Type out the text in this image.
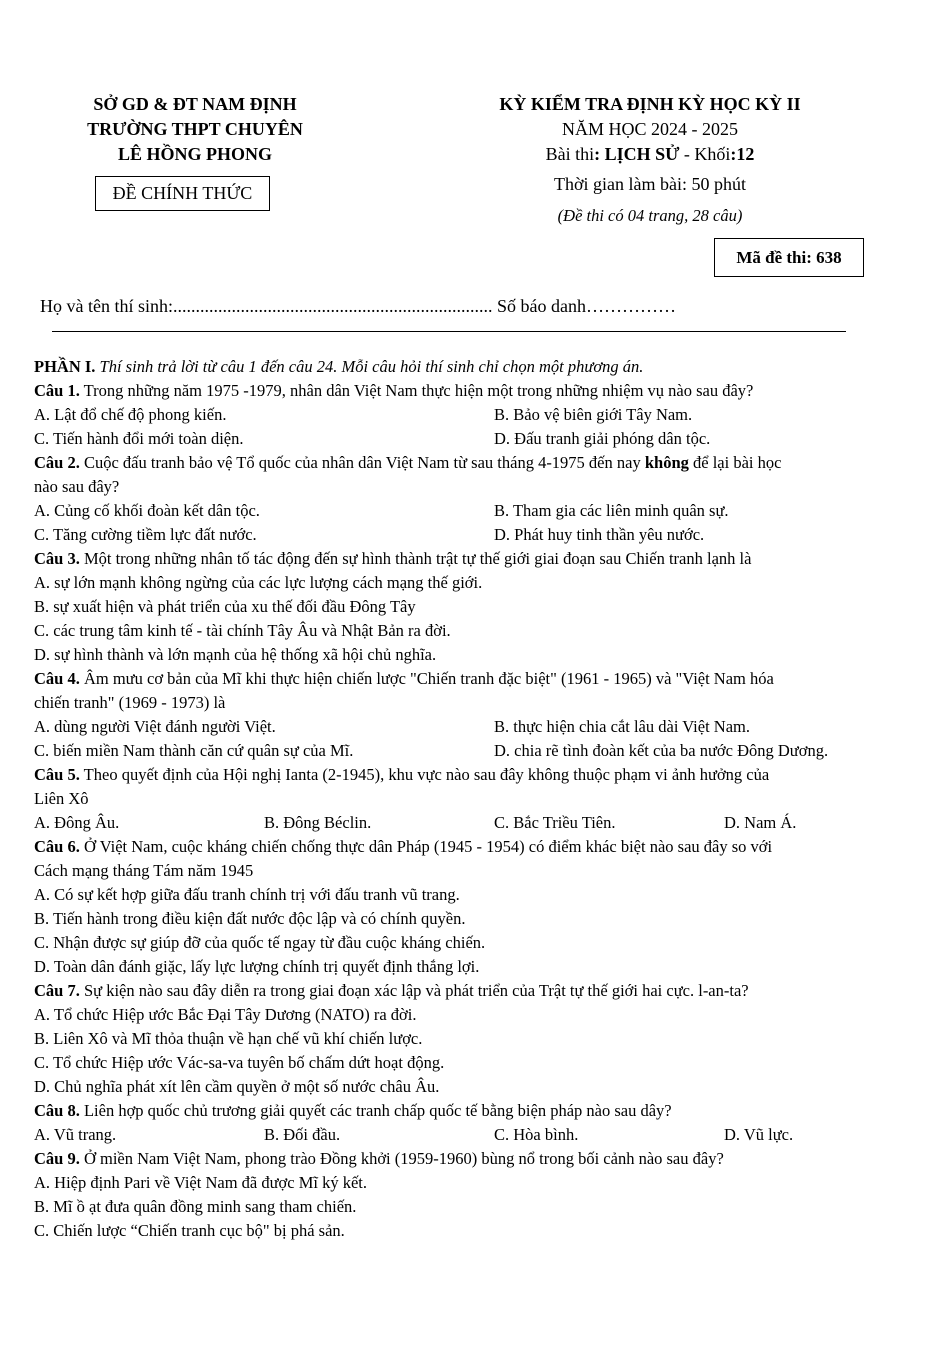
SỞ GD & ĐT NAM ĐỊNH
TRƯỜNG THPT CHUYÊN
LÊ HỒNG PHONG
ĐỀ CHÍNH THỨC
KỲ KIỂM TRA ĐỊNH KỲ HỌC KỲ II
NĂM HỌC 2024 - 2025
Bài thi: LỊCH SỬ - Khối:12
Thời gian làm bài: 50 phút
(Đề thi có 04 trang, 28 câu)
Mã đề thi: 638
Họ và tên thí sinh:....................................................................... Số báo danh……………
PHẦN I. Thí sinh trả lời từ câu 1 đến câu 24. Mỗi câu hỏi thí sinh chỉ chọn một phương án.
Câu 1. Trong những năm 1975 -1979, nhân dân Việt Nam thực hiện một trong những nhiệm vụ nào sau đây?
A. Lật đổ chế độ phong kiến.	B. Bảo vệ biên giới Tây Nam.
C. Tiến hành đổi mới toàn diện.	D. Đấu tranh giải phóng dân tộc.
Câu 2. Cuộc đấu tranh bảo vệ Tổ quốc của nhân dân Việt Nam từ sau tháng 4-1975 đến nay không để lại bài học
nào sau đây?
A. Củng cố khối đoàn kết dân tộc.	B. Tham gia các liên minh quân sự.
C. Tăng cường tiềm lực đất nước.	D. Phát huy tinh thần yêu nước.
Câu 3. Một trong những nhân tố tác động đến sự hình thành trật tự thế giới giai đoạn sau Chiến tranh lạnh là
A. sự lớn mạnh không ngừng của các lực lượng cách mạng thế giới.
B. sự xuất hiện và phát triển của xu thế đối đầu Đông Tây
C. các trung tâm kinh tế - tài chính Tây Âu và Nhật Bản ra đời.
D. sự hình thành và lớn mạnh của hệ thống xã hội chủ nghĩa.
Câu 4. Âm mưu cơ bản của Mĩ khi thực hiện chiến lược "Chiến tranh đặc biệt" (1961 - 1965) và "Việt Nam hóa
chiến tranh" (1969 - 1973) là
A. dùng người Việt đánh người Việt.	B. thực hiện chia cắt lâu dài Việt Nam.
C. biến miền Nam thành căn cứ quân sự của Mĩ.	D. chia rẽ tình đoàn kết của ba nước Đông Dương.
Câu 5. Theo quyết định của Hội nghị Ianta (2-1945), khu vực nào sau đây không thuộc phạm vi ảnh hưởng của
Liên Xô
A. Đông Âu.	B. Đông Béclin.	C. Bắc Triều Tiên.	D. Nam Á.
Câu 6. Ở Việt Nam, cuộc kháng chiến chống thực dân Pháp (1945 - 1954) có điểm khác biệt nào sau đây so với
Cách mạng tháng Tám năm 1945
A. Có sự kết hợp giữa đấu tranh chính trị với đấu tranh vũ trang.
B. Tiến hành trong điều kiện đất nước độc lập và có chính quyền.
C. Nhận được sự giúp đỡ của quốc tế ngay từ đầu cuộc kháng chiến.
D. Toàn dân đánh giặc, lấy lực lượng chính trị quyết định thắng lợi.
Câu 7. Sự kiện nào sau đây diễn ra trong giai đoạn xác lập và phát triển của Trật tự thế giới hai cực. l-an-ta?
A. Tổ chức Hiệp ước Bắc Đại Tây Dương (NATO) ra đời.
B. Liên Xô và Mĩ thỏa thuận về hạn chế vũ khí chiến lược.
C. Tổ chức Hiệp ước Vác-sa-va tuyên bố chấm dứt hoạt động.
D. Chủ nghĩa phát xít lên cầm quyền ở một số nước châu Âu.
Câu 8. Liên hợp quốc chủ trương giải quyết các tranh chấp quốc tế bằng biện pháp nào sau dây?
A. Vũ trang.	B. Đối đầu.	C. Hòa bình.	D. Vũ lực.
Câu 9. Ở miền Nam Việt Nam, phong trào Đồng khởi (1959-1960) bùng nổ trong bối cảnh nào sau đây?
A. Hiệp định Pari về Việt Nam đã được Mĩ ký kết.
B. Mĩ ồ ạt đưa quân đồng minh sang tham chiến.
C. Chiến lược “Chiến tranh cục bộ" bị phá sản.
